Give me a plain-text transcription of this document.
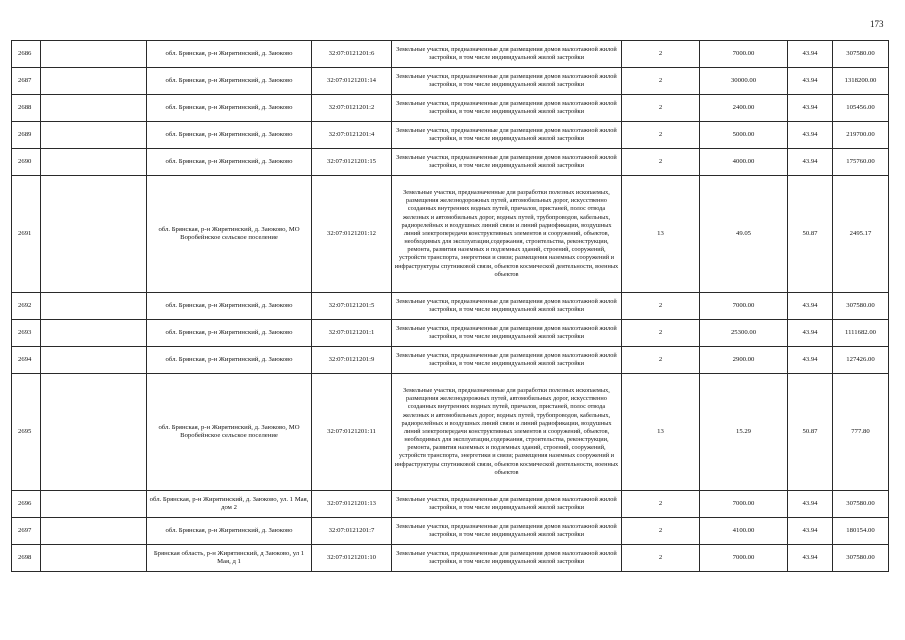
173
2686		обл. Брянская, р-н Жирятинский, д. Заюково	32:07:0121201:6	Земельные участки, предназначенные для размещения домов малоэтажной жилой застройки, в том числе индивидуальной жилой застройки	2	7000.00	43.94	307580.00
2687		обл. Брянская, р-н Жирятинский, д. Заюково	32:07:0121201:14	Земельные участки, предназначенные для размещения домов малоэтажной жилой застройки, в том числе индивидуальной жилой застройки	2	30000.00	43.94	1318200.00
2688		обл. Брянская, р-н Жирятинский, д. Заюково	32:07:0121201:2	Земельные участки, предназначенные для размещения домов малоэтажной жилой застройки, в том числе индивидуальной жилой застройки	2	2400.00	43.94	105456.00
2689		обл. Брянская, р-н Жирятинский, д. Заюково	32:07:0121201:4	Земельные участки, предназначенные для размещения домов малоэтажной жилой застройки, в том числе индивидуальной жилой застройки	2	5000.00	43.94	219700.00
2690		обл. Брянская, р-н Жирятинский, д. Заюково	32:07:0121201:15	Земельные участки, предназначенные для размещения домов малоэтажной жилой застройки, в том числе индивидуальной жилой застройки	2	4000.00	43.94	175760.00
2691		обл. Брянская, р-н Жирятинский, д. Заюково, МО Воробейнское сельское поселение	32:07:0121201:12	Земельные участки, предназначенные для разработки полезных ископаемых, размещения железнодорожных путей, автомобильных дорог, искусственно созданных внутренних водных путей, причалов, пристаней, полос отвода железных и автомобильных дорог, водных путей, трубопроводов, кабельных, радиорелейных и воздушных линий связи и линий радиофикации, воздушных линий электропередачи конструктивных элементов и сооружений, объектов, необходимых для эксплуатации,содержания, строительства, реконструкции, ремонта, развития наземных и подземных зданий, строений, сооружений, устройств транспорта, энергетики и связи; размещения наземных сооружений и инфраструктуры спутниковой связи, объектов космической деятельности, военных объектов	13	49.05	50.87	2495.17
2692		обл. Брянская, р-н Жирятинский, д. Заюково	32:07:0121201:5	Земельные участки, предназначенные для размещения домов малоэтажной жилой застройки, в том числе индивидуальной жилой застройки	2	7000.00	43.94	307580.00
2693		обл. Брянская, р-н Жирятинский, д. Заюково	32:07:0121201:1	Земельные участки, предназначенные для размещения домов малоэтажной жилой застройки, в том числе индивидуальной жилой застройки	2	25300.00	43.94	1111682.00
2694		обл. Брянская, р-н Жирятинский, д. Заюково	32:07:0121201:9	Земельные участки, предназначенные для размещения домов малоэтажной жилой застройки, в том числе индивидуальной жилой застройки	2	2900.00	43.94	127426.00
2695		обл. Брянская, р-н Жирятинский, д. Заюково, МО Воробейнское сельское поселение	32:07:0121201:11	Земельные участки, предназначенные для разработки полезных ископаемых, размещения железнодорожных путей, автомобильных дорог, искусственно созданных внутренних водных путей, причалов, пристаней, полос отвода железных и автомобильных дорог, водных путей, трубопроводов, кабельных, радиорелейных и воздушных линий связи и линий радиофикации, воздушных линий электропередачи конструктивных элементов и сооружений, объектов, необходимых для эксплуатации,содержания, строительства, реконструкции, ремонта, развития наземных и подземных зданий, строений, сооружений, устройств транспорта, энергетики и связи; размещения наземных сооружений и инфраструктуры спутниковой связи, объектов космической деятельности, военных объектов	13	15.29	50.87	777.80
2696		обл. Брянская, р-н Жирятинский, д. Заюково, ул. 1 Мая, дом 2	32:07:0121201:13	Земельные участки, предназначенные для размещения домов малоэтажной жилой застройки, в том числе индивидуальной жилой застройки	2	7000.00	43.94	307580.00
2697		обл. Брянская, р-н Жирятинский, д. Заюково	32:07:0121201:7	Земельные участки, предназначенные для размещения домов малоэтажной жилой застройки, в том числе индивидуальной жилой застройки	2	4100.00	43.94	180154.00
2698		Брянская область, р-н Жирятинский, д Заюково, ул 1 Мая, д 1	32:07:0121201:10	Земельные участки, предназначенные для размещения домов малоэтажной жилой застройки, в том числе индивидуальной жилой застройки	2	7000.00	43.94	307580.00
